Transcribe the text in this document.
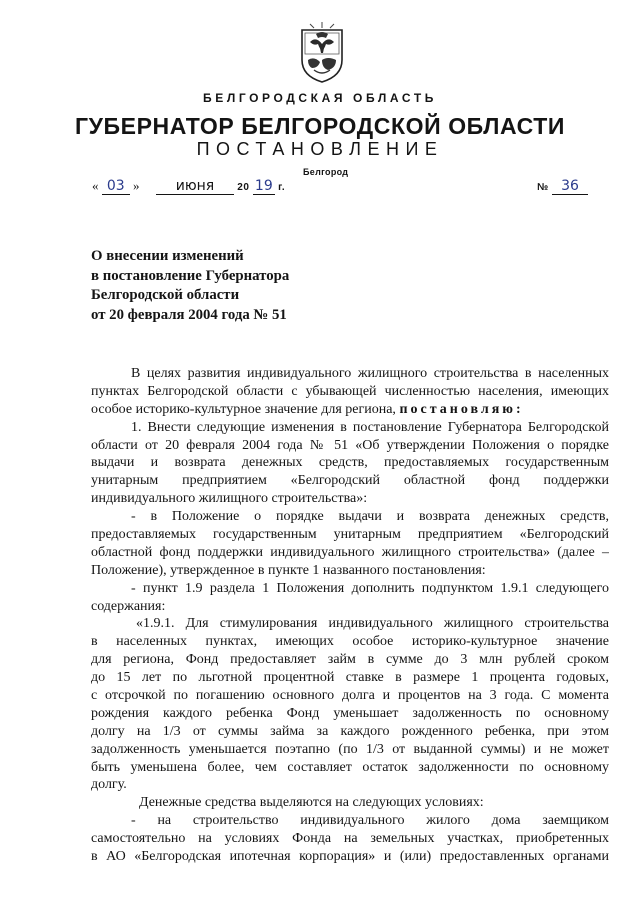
БЕЛГОРОДСКАЯ ОБЛАСТЬ
ГУБЕРНАТОР БЕЛГОРОДСКОЙ ОБЛАСТИ
ПОСТАНОВЛЕНИЕ
Белгород
« 03 »	июня 20 19 г.	№ 36
О внесении изменений
в постановление Губернатора
Белгородской области
от 20 февраля 2004 года № 51
В целях развития индивидуального жилищного строительства в населенных
пунктах Белгородской области с убывающей численностью населения, имеющих
особое историко-культурное значение для региона, постановляю:
1. Внести следующие изменения в постановление Губернатора Белгородской
области от 20 февраля 2004 года № 51 «Об утверждении Положения о порядке
выдачи и возврата денежных средств, предоставляемых государственным
унитарным предприятием «Белгородский областной фонд поддержки
индивидуального жилищного строительства»:
- в Положение о порядке выдачи и возврата денежных средств,
предоставляемых государственным унитарным предприятием «Белгородский
областной фонд поддержки индивидуального жилищного строительства» (далее –
Положение), утвержденное в пункте 1 названного постановления:
- пункт 1.9 раздела 1 Положения дополнить подпунктом 1.9.1 следующего
содержания:
«1.9.1. Для стимулирования индивидуального жилищного строительства
в населенных пунктах, имеющих особое историко-культурное значение
для региона, Фонд предоставляет займ в сумме до 3 млн рублей сроком
до 15 лет по льготной процентной ставке в размере 1 процента годовых,
с отсрочкой по погашению основного долга и процентов на 3 года. С момента
рождения каждого ребенка Фонд уменьшает задолженность по основному
долгу на 1/3 от суммы займа за каждого рожденного ребенка, при этом
задолженность уменьшается поэтапно (по 1/3 от выданной суммы) и не может
быть уменьшена более, чем составляет остаток задолженности по основному
долгу.
Денежные средства выделяются на следующих условиях:
- на строительство индивидуального жилого дома заемщиком
самостоятельно на условиях Фонда на земельных участках, приобретенных
в АО «Белгородская ипотечная корпорация» и (или) предоставленных органами
